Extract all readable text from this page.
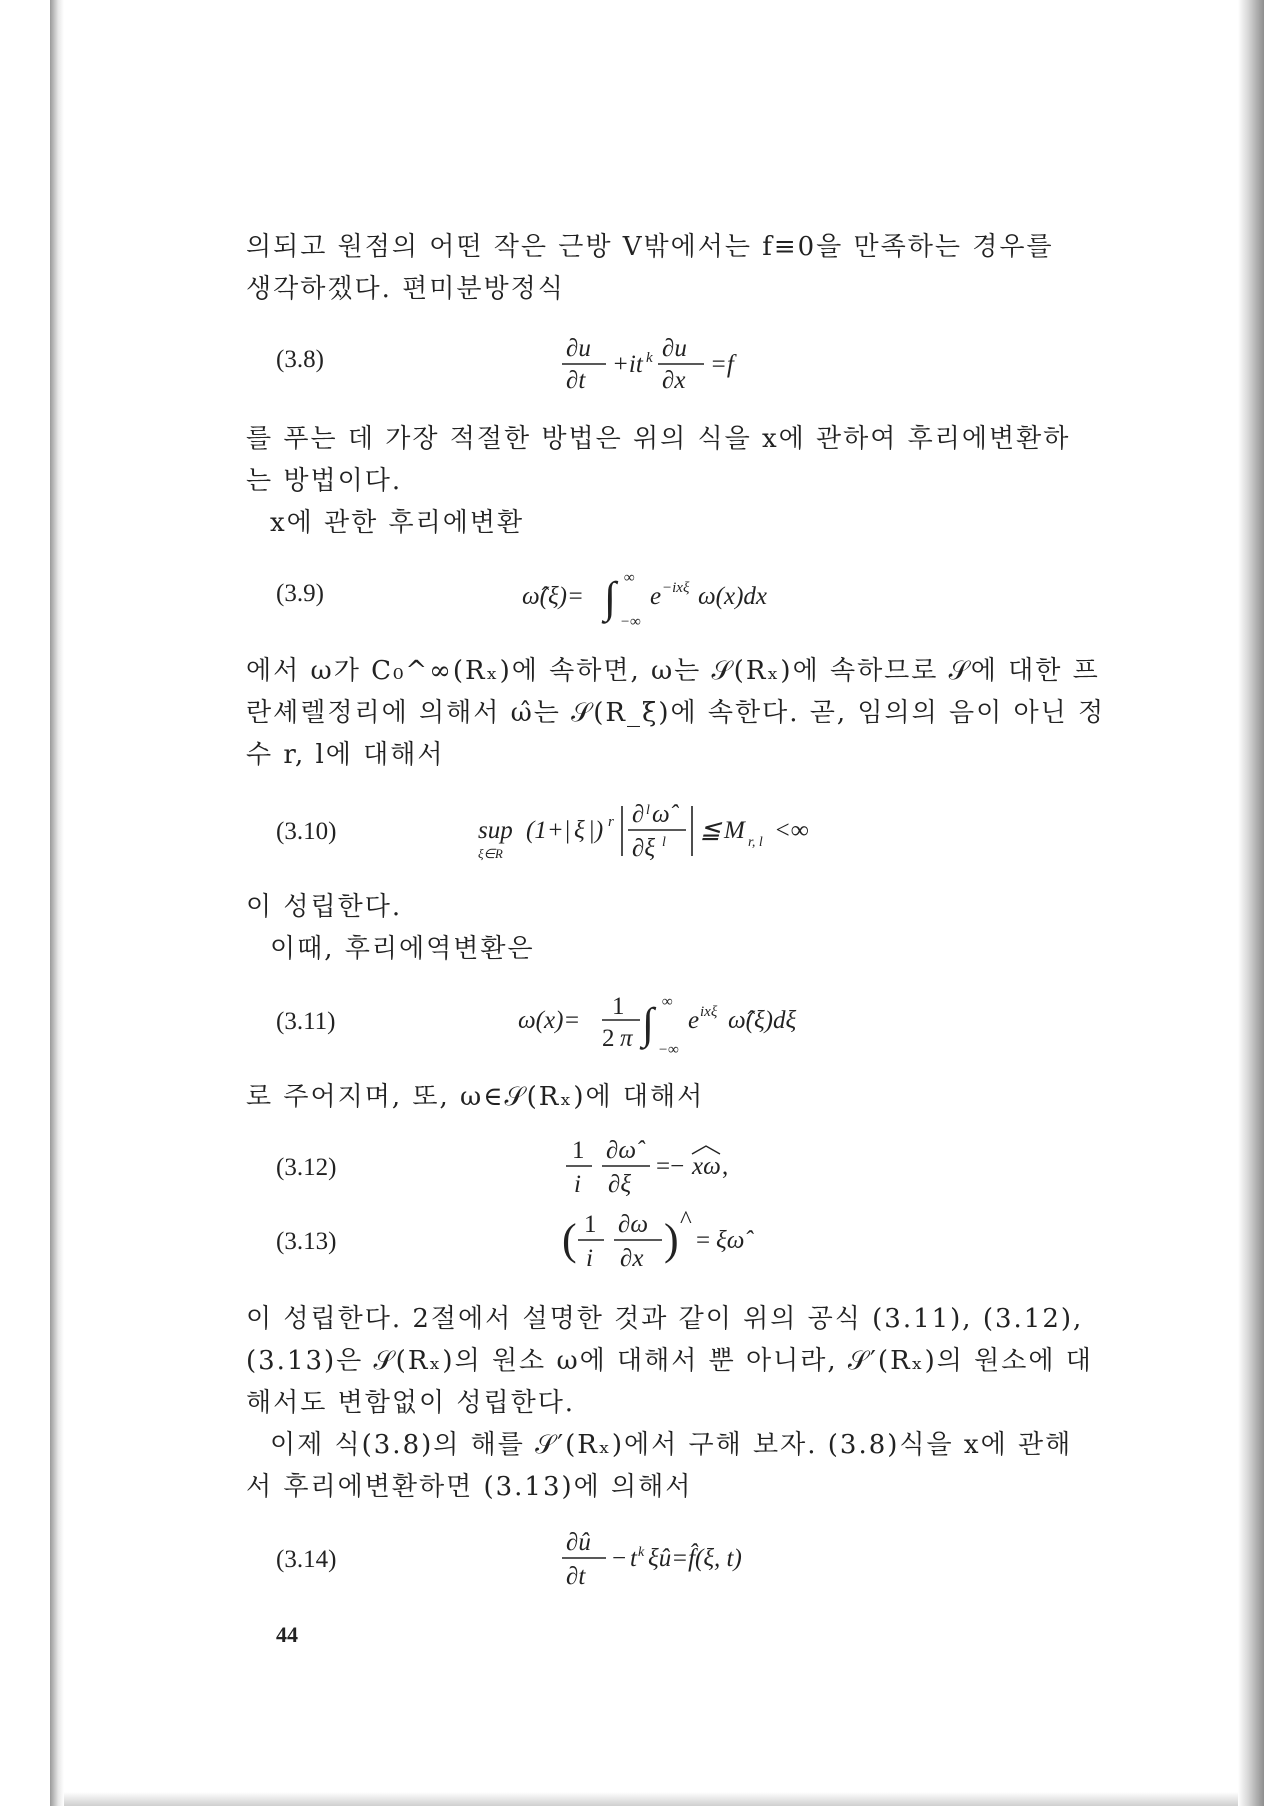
의되고 원점의 어떤 작은 근방 V밖에서는 f≡0을 만족하는 경우를
생각하겠다. 편미분방정식
(3.8)	∂u
∂t
+it k ∂u
∂x
=f
를 푸는 데 가장 적절한 방법은 위의 식을 x에 관하여 후리에변환하
는 방법이다.
x에 관한 후리에변환
(3.9)	ω̂(ξ)= ∫ ∞
−∞
e −ixξ ω(x)dx
에서 ω가 C₀^∞(Rₓ)에 속하면, ω는 𝒮(Rₓ)에 속하므로 𝒮에 대한 프
란셰렐정리에 의해서 ω̂는 𝒮(R_ξ)에 속한다. 곧, 임의의 음이 아닌 정
수 r, l에 대해서
(3.10)	sup
ξ∈R
(1+| ξ |) r ∂ l ω̂
∂ξ l ≦ M r, l <∞
이 성립한다.
이때, 후리에역변환은
(3.11)	ω(x)=
1
2 π ∫ ∞
−∞
e ixξ ω̂(ξ)dξ
로 주어지며, 또, ω∈𝒮(Rₓ)에 대해서
(3.12)
1
i
∂ω̂
∂ξ
=− xω ,
(3.13)	( 1
i
∂ω
∂x ) ^
= ξω̂
이 성립한다. 2절에서 설명한 것과 같이 위의 공식 (3.11), (3.12),
(3.13)은 𝒮(Rₓ)의 원소 ω에 대해서 뿐 아니라, 𝒮′(Rₓ)의 원소에 대
해서도 변함없이 성립한다.
이제 식(3.8)의 해를 𝒮′(Rₓ)에서 구해 보자. (3.8)식을 x에 관해
서 후리에변환하면 (3.13)에 의해서
(3.14)
∂û
∂t
− t k ξû=f̂(ξ, t)
44
